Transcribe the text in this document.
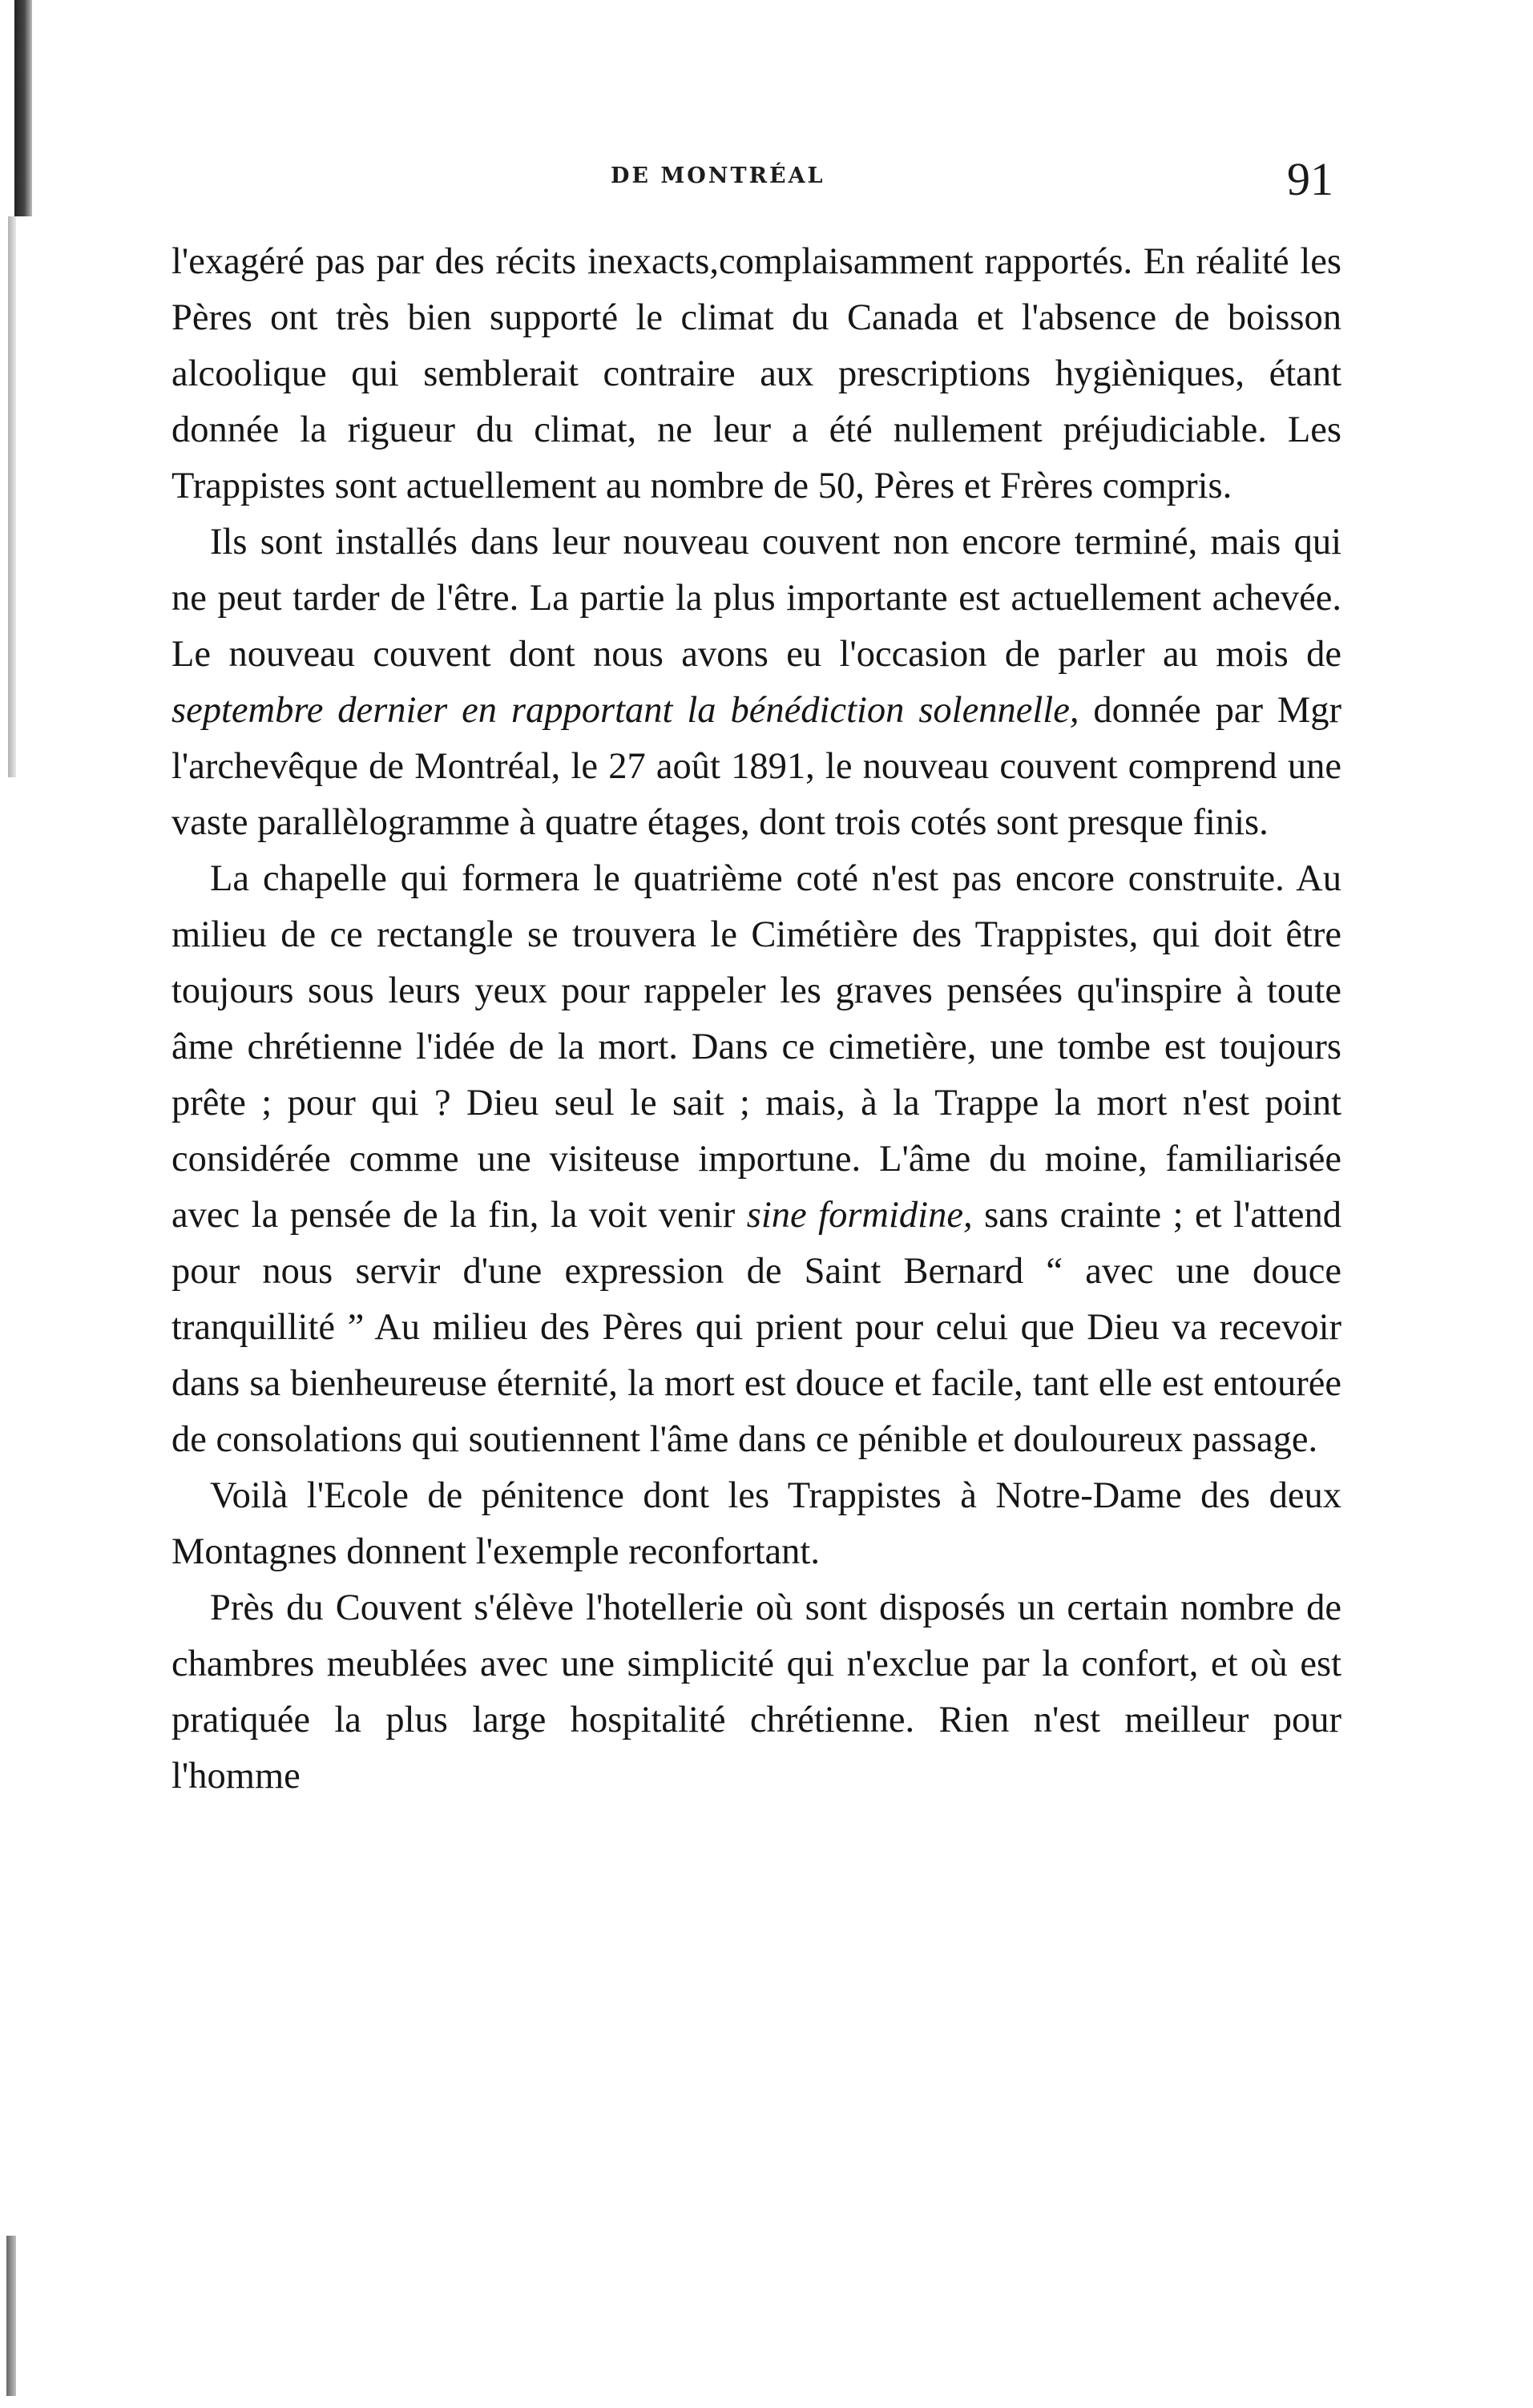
DE MONTRÉAL	91

l'exagéré pas par des récits inexacts,complaisamment rapportés. En réalité les Pères ont très bien supporté le climat du Canada et l'absence de boisson alcoolique qui semblerait contraire aux prescriptions hygièniques, étant donnée la rigueur du climat, ne leur a été nullement préjudiciable. Les Trappistes sont actuellement au nombre de 50, Pères et Frères compris.

Ils sont installés dans leur nouveau couvent non encore terminé, mais qui ne peut tarder de l'être. La partie la plus importante est actuellement achevée. Le nouveau couvent dont nous avons eu l'occasion de parler au mois de septembre dernier en rapportant la bénédiction solennelle, donnée par Mgr l'archevêque de Montréal, le 27 août 1891, le nouveau couvent comprend une vaste parallèlogramme à quatre étages, dont trois cotés sont presque finis.

La chapelle qui formera le quatrième coté n'est pas encore construite. Au milieu de ce rectangle se trouvera le Cimétière des Trappistes, qui doit être toujours sous leurs yeux pour rappeler les graves pensées qu'inspire à toute âme chrétienne l'idée de la mort. Dans ce cimetière, une tombe est toujours prête ; pour qui ? Dieu seul le sait ; mais, à la Trappe la mort n'est point considérée comme une visiteuse importune. L'âme du moine, familiarisée avec la pensée de la fin, la voit venir sine formidine, sans crainte ; et l'attend pour nous servir d'une expression de Saint Bernard “ avec une douce tranquillité ” Au milieu des Pères qui prient pour celui que Dieu va recevoir dans sa bienheureuse éternité, la mort est douce et facile, tant elle est entourée de consolations qui soutiennent l'âme dans ce pénible et douloureux passage.

Voilà l'Ecole de pénitence dont les Trappistes à Notre-Dame des deux Montagnes donnent l'exemple reconfortant.

Près du Couvent s'élève l'hotellerie où sont disposés un certain nombre de chambres meublées avec une simplicité qui n'exclue par la confort, et où est pratiquée la plus large hospitalité chrétienne. Rien n'est meilleur pour l'homme
